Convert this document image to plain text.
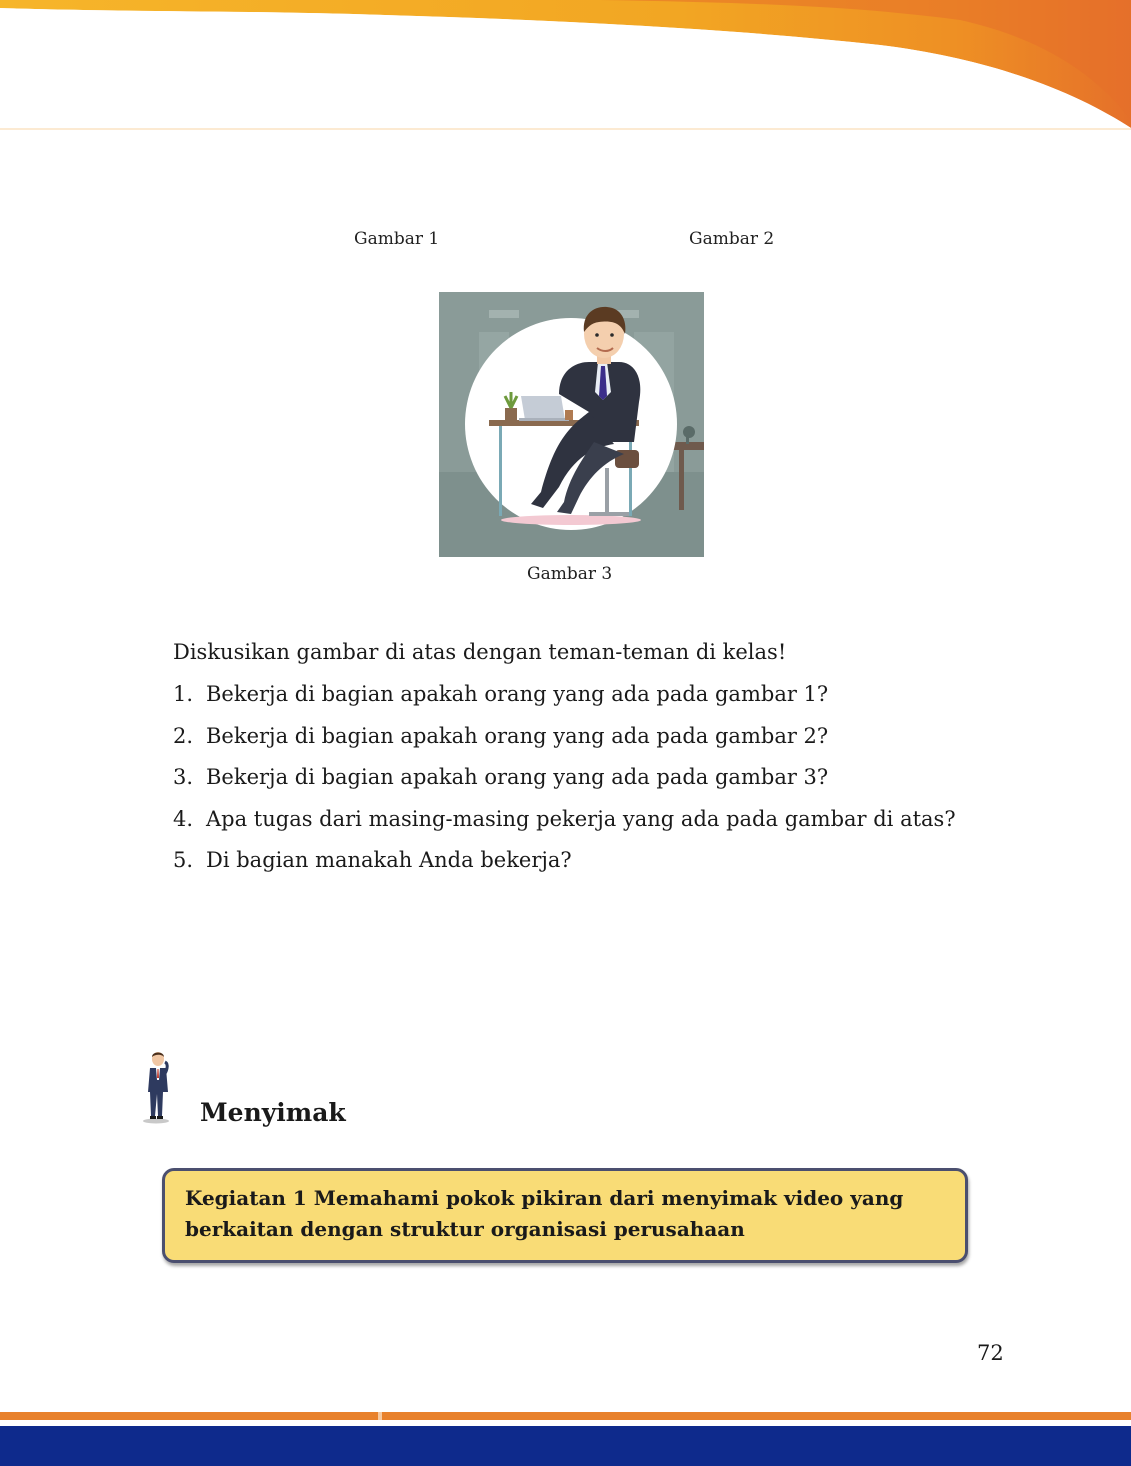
Gambar 1	Gambar 2
Gambar 3
Diskusikan gambar di atas dengan teman-teman di kelas!
1. Bekerja di bagian apakah orang yang ada pada gambar 1?
2. Bekerja di bagian apakah orang yang ada pada gambar 2?
3. Bekerja di bagian apakah orang yang ada pada gambar 3?
4. Apa tugas dari masing-masing pekerja yang ada pada gambar di atas?
5. Di bagian manakah Anda bekerja?
Menyimak
Kegiatan 1 Memahami pokok pikiran dari menyimak video yang berkaitan dengan struktur organisasi perusahaan
72
